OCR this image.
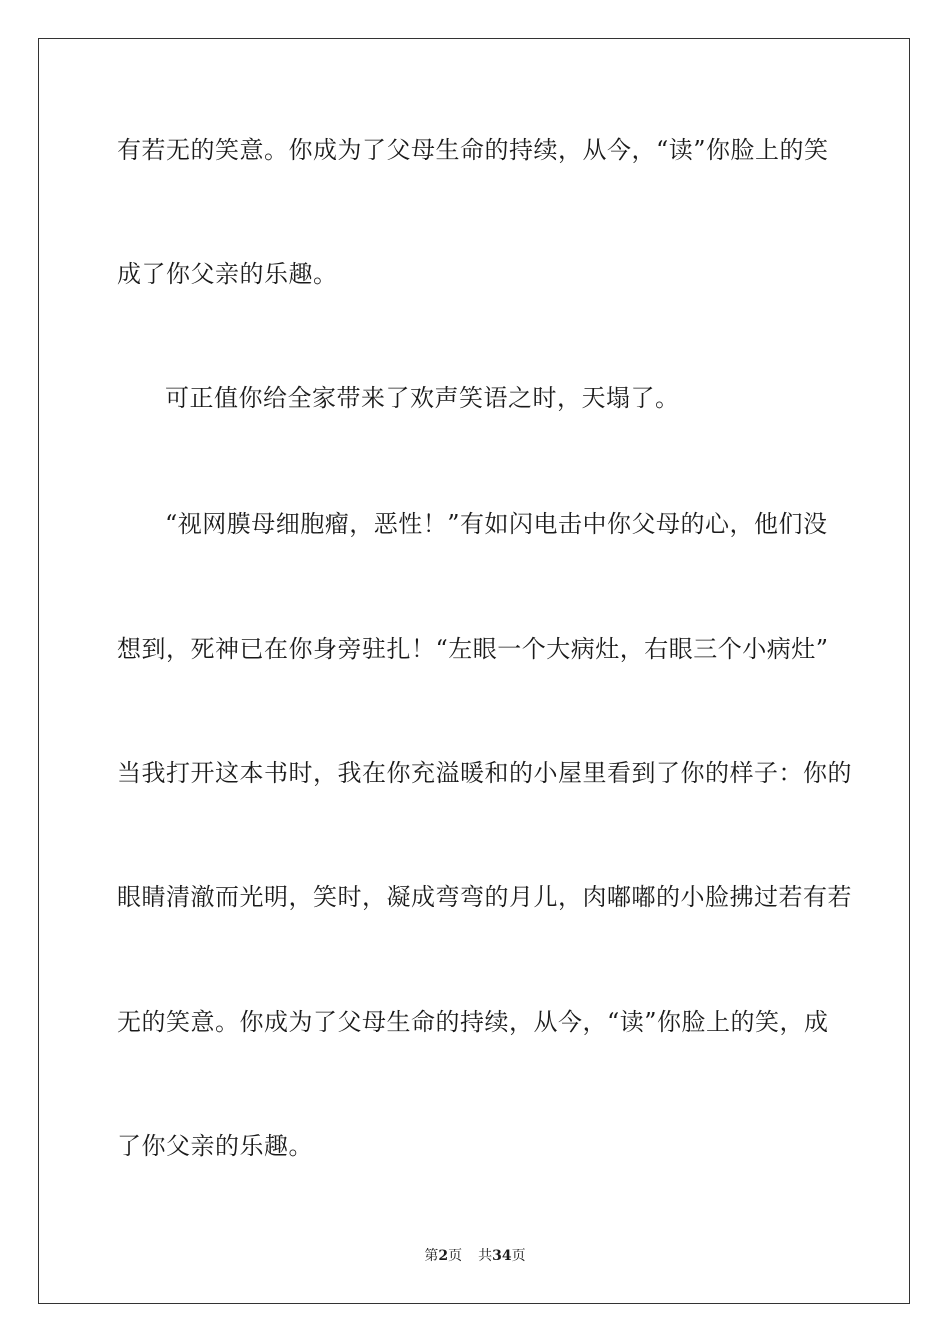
有若无的笑意。你成为了父母生命的持续，从今，“读”你脸上的笑
成了你父亲的乐趣。
可正值你给全家带来了欢声笑语之时，天塌了。
“视网膜母细胞瘤，恶性！”有如闪电击中你父母的心，他们没
想到，死神已在你身旁驻扎！“左眼一个大病灶，右眼三个小病灶”
当我打开这本书时，我在你充溢暖和的小屋里看到了你的样子：你的
眼睛清澈而光明，笑时，凝成弯弯的月儿，肉嘟嘟的小脸拂过若有若
无的笑意。你成为了父母生命的持续，从今，“读”你脸上的笑，成
了你父亲的乐趣。
第2页 共34页
